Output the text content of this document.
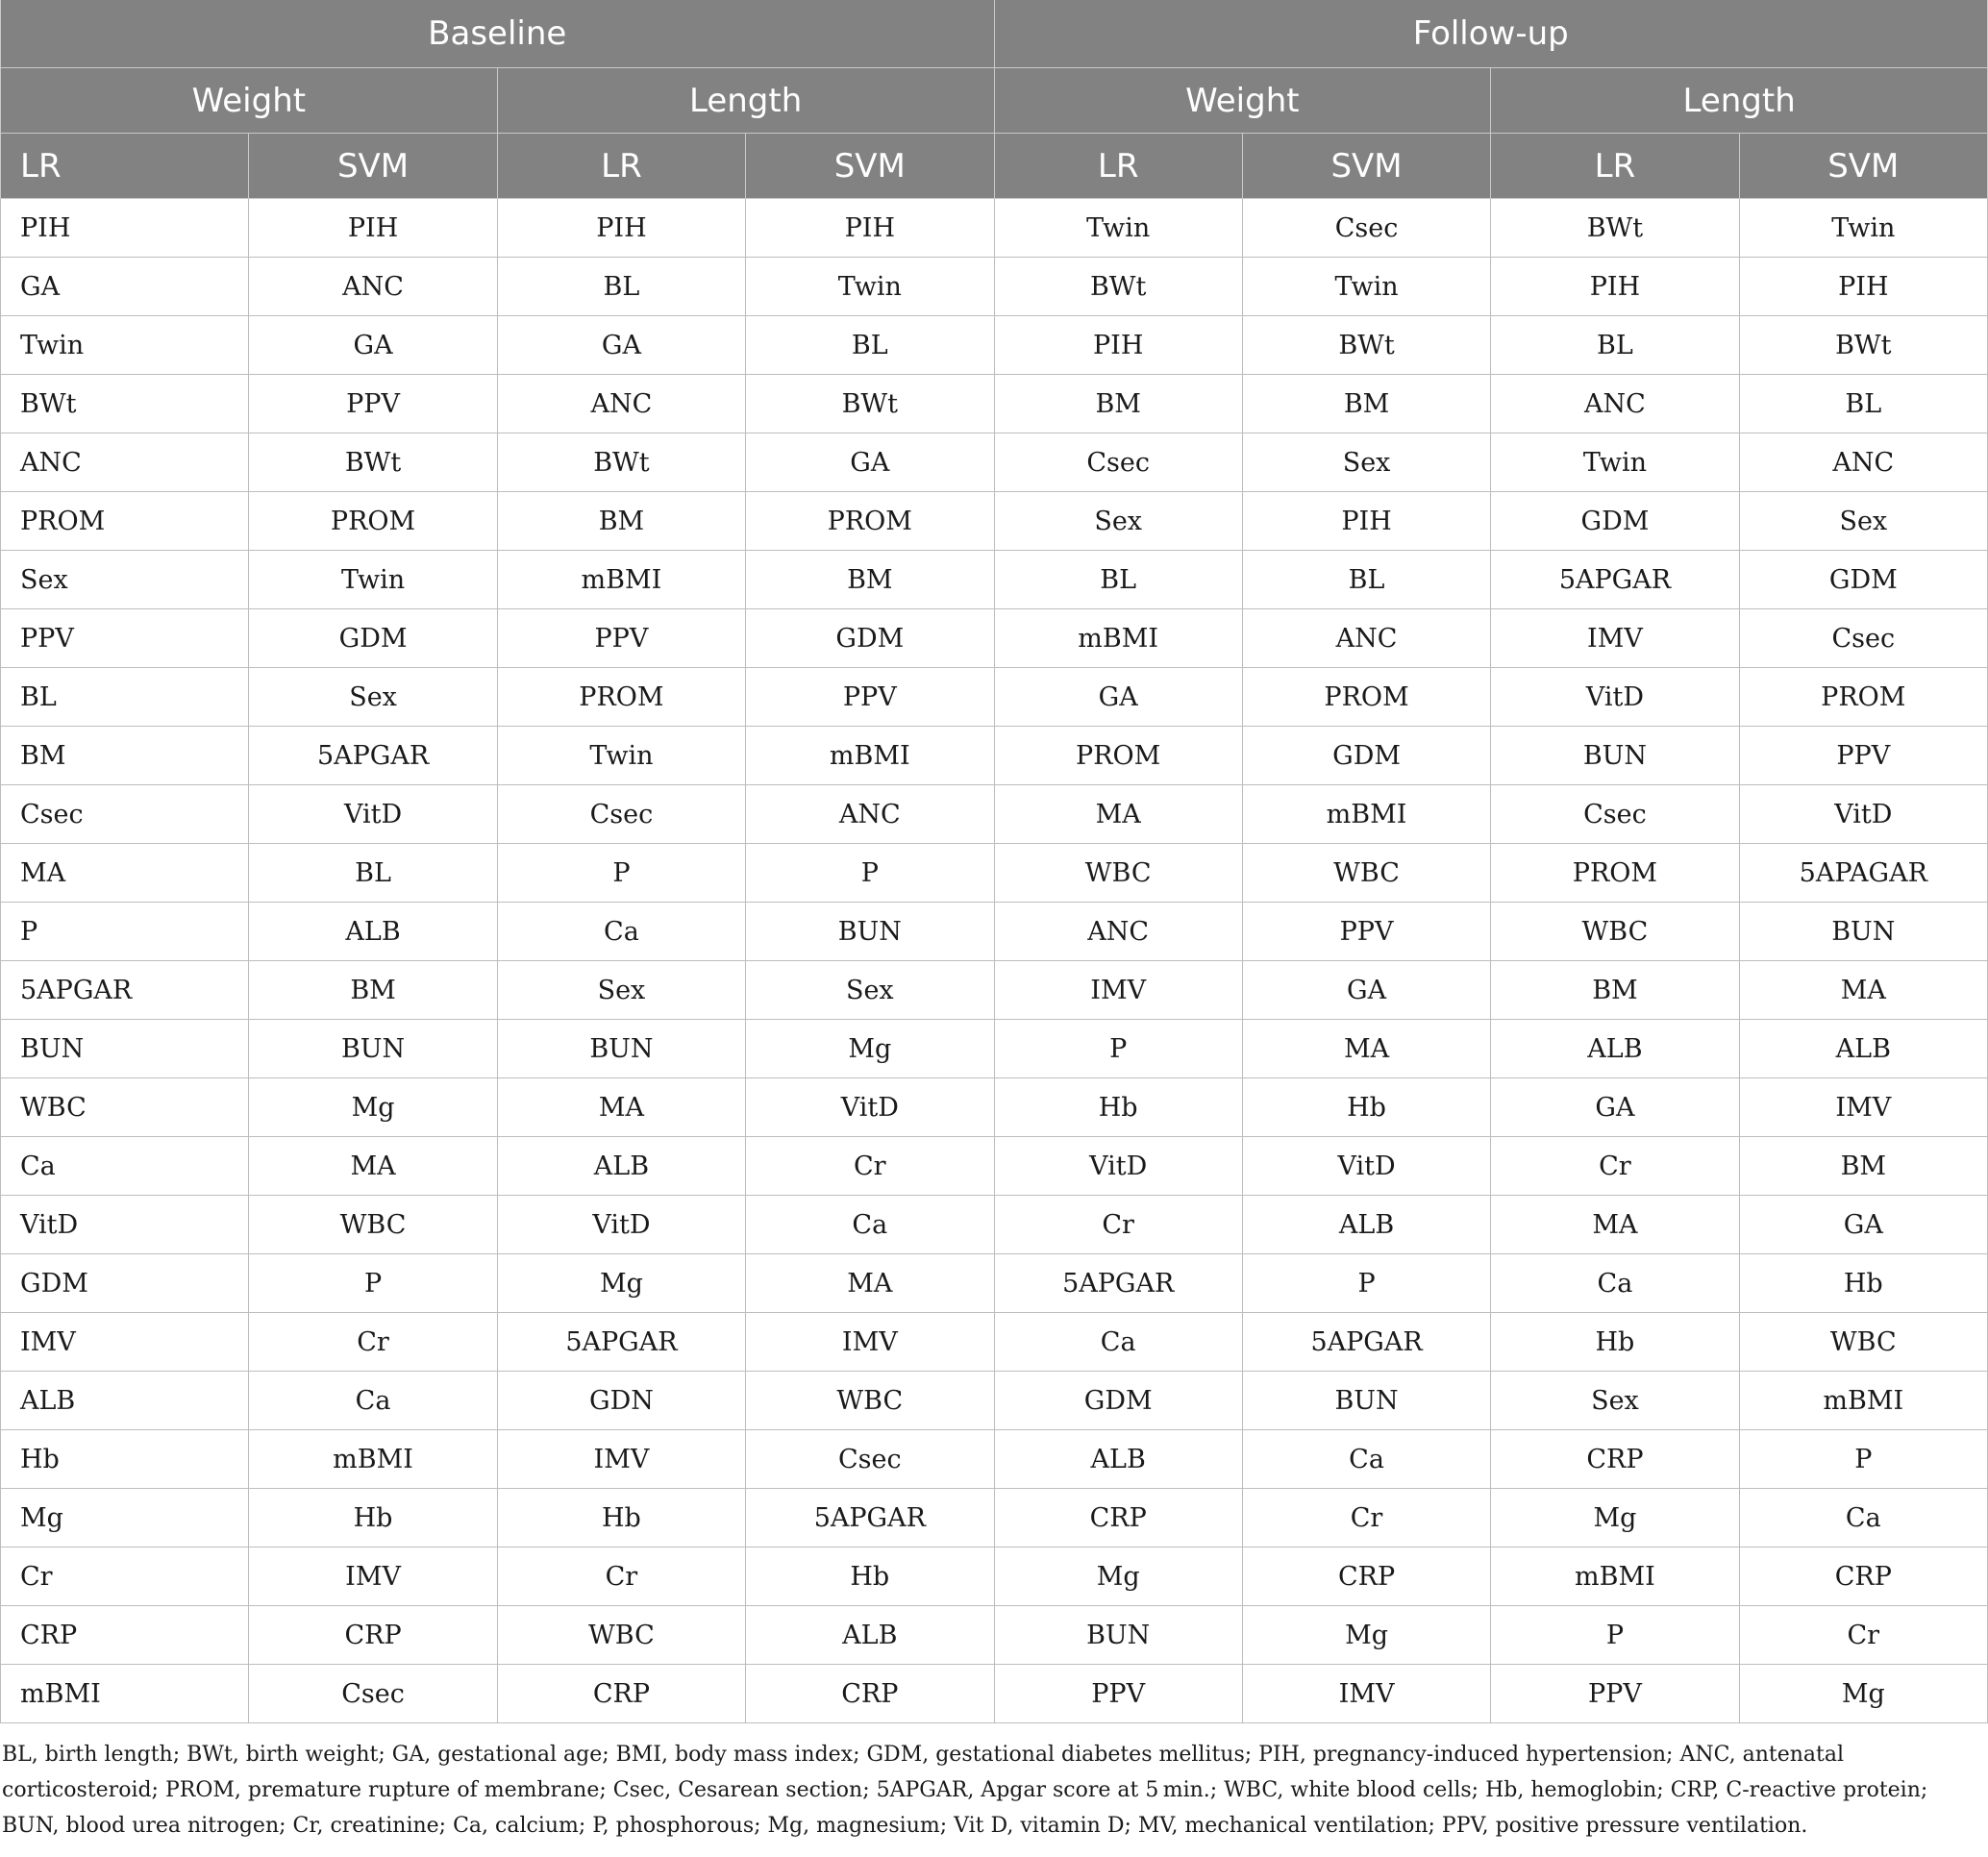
Baseline				Follow-up			
Weight		Length		Weight		Length	
LR	SVM	LR	SVM	LR	SVM	LR	SVM
PIH	PIH	PIH	PIH	Twin	Csec	BWt	Twin
GA	ANC	BL	Twin	BWt	Twin	PIH	PIH
Twin	GA	GA	BL	PIH	BWt	BL	BWt
BWt	PPV	ANC	BWt	BM	BM	ANC	BL
ANC	BWt	BWt	GA	Csec	Sex	Twin	ANC
PROM	PROM	BM	PROM	Sex	PIH	GDM	Sex
Sex	Twin	mBMI	BM	BL	BL	5APGAR	GDM
PPV	GDM	PPV	GDM	mBMI	ANC	IMV	Csec
BL	Sex	PROM	PPV	GA	PROM	VitD	PROM
BM	5APGAR	Twin	mBMI	PROM	GDM	BUN	PPV
Csec	VitD	Csec	ANC	MA	mBMI	Csec	VitD
MA	BL	P	P	WBC	WBC	PROM	5APAGAR
P	ALB	Ca	BUN	ANC	PPV	WBC	BUN
5APGAR	BM	Sex	Sex	IMV	GA	BM	MA
BUN	BUN	BUN	Mg	P	MA	ALB	ALB
WBC	Mg	MA	VitD	Hb	Hb	GA	IMV
Ca	MA	ALB	Cr	VitD	VitD	Cr	BM
VitD	WBC	VitD	Ca	Cr	ALB	MA	GA
GDM	P	Mg	MA	5APGAR	P	Ca	Hb
IMV	Cr	5APGAR	IMV	Ca	5APGAR	Hb	WBC
ALB	Ca	GDN	WBC	GDM	BUN	Sex	mBMI
Hb	mBMI	IMV	Csec	ALB	Ca	CRP	P
Mg	Hb	Hb	5APGAR	CRP	Cr	Mg	Ca
Cr	IMV	Cr	Hb	Mg	CRP	mBMI	CRP
CRP	CRP	WBC	ALB	BUN	Mg	P	Cr
mBMI	Csec	CRP	CRP	PPV	IMV	PPV	Mg
BL, birth length; BWt, birth weight; GA, gestational age; BMI, body mass index; GDM, gestational diabetes mellitus; PIH, pregnancy-induced hypertension; ANC, antenatal corticosteroid; PROM, premature rupture of membrane; Csec, Cesarean section; 5APGAR, Apgar score at 5 min.; WBC, white blood cells; Hb, hemoglobin; CRP, C-reactive protein; BUN, blood urea nitrogen; Cr, creatinine; Ca, calcium; P, phosphorous; Mg, magnesium; Vit D, vitamin D; MV, mechanical ventilation; PPV, positive pressure ventilation.
